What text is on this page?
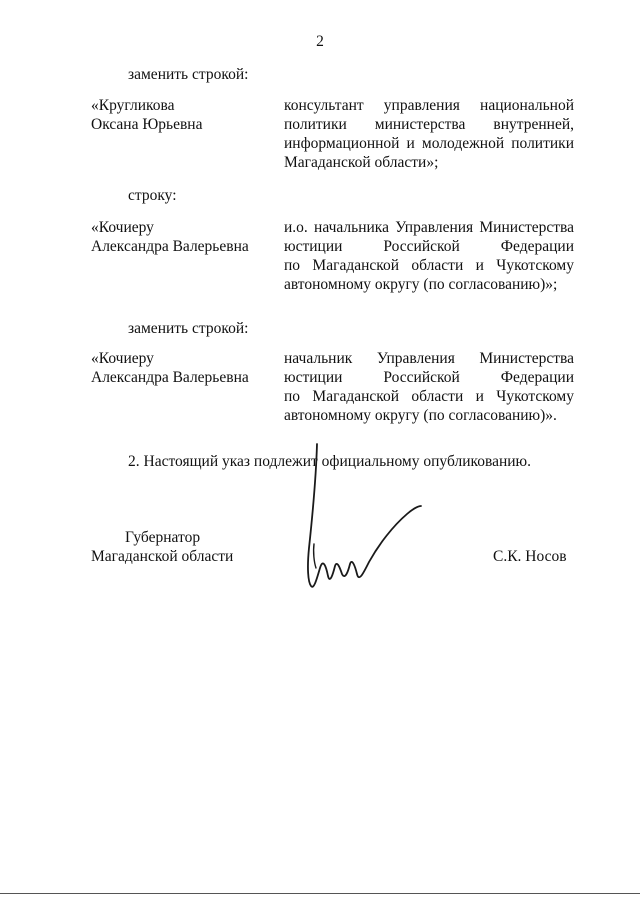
2
заменить строкой:
«Кругликова
Оксана Юрьевна
консультант управления национальной
политики министерства внутренней,
информационной и молодежной политики
Магаданской области»;
строку:
«Кочиеру
Александра Валерьевна
и.о. начальника Управления Министерства
юстиции Российской Федерации
по Магаданской области и Чукотскому
автономному округу (по согласованию)»;
заменить строкой:
«Кочиеру
Александра Валерьевна
начальник Управления Министерства
юстиции Российской Федерации
по Магаданской области и Чукотскому
автономному округу (по согласованию)».
2. Настоящий указ подлежит официальному опубликованию.
Губернатор
Магаданской области	С.К. Носов
